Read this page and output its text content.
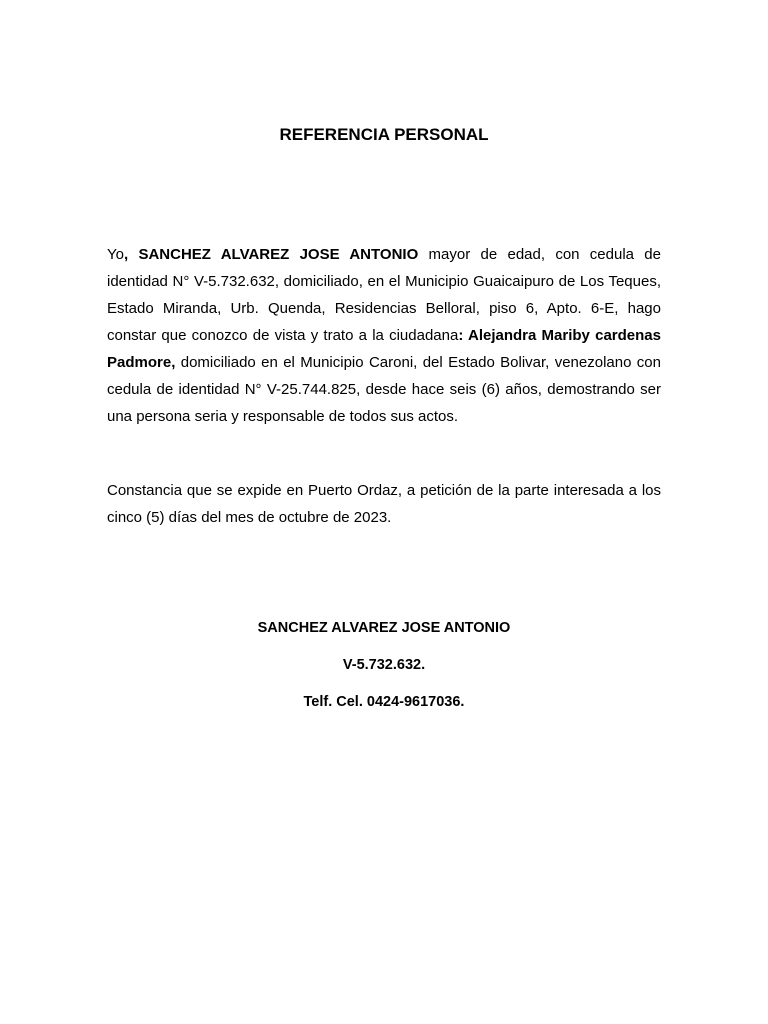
REFERENCIA PERSONAL
Yo, SANCHEZ ALVAREZ JOSE ANTONIO mayor de edad, con cedula de identidad N° V-5.732.632, domiciliado, en el Municipio Guaicaipuro de Los Teques, Estado Miranda, Urb. Quenda, Residencias Belloral, piso 6, Apto. 6-E, hago constar que conozco de vista y trato a la ciudadana: Alejandra Mariby cardenas Padmore, domiciliado en el Municipio Caroni, del Estado Bolivar, venezolano con cedula de identidad N° V-25.744.825, desde hace seis (6) años, demostrando ser una persona seria y responsable de todos sus actos.
Constancia que se expide en Puerto Ordaz, a petición de la parte interesada a los cinco (5) días del mes de octubre de 2023.
SANCHEZ ALVAREZ JOSE ANTONIO
V-5.732.632.
Telf. Cel. 0424-9617036.
